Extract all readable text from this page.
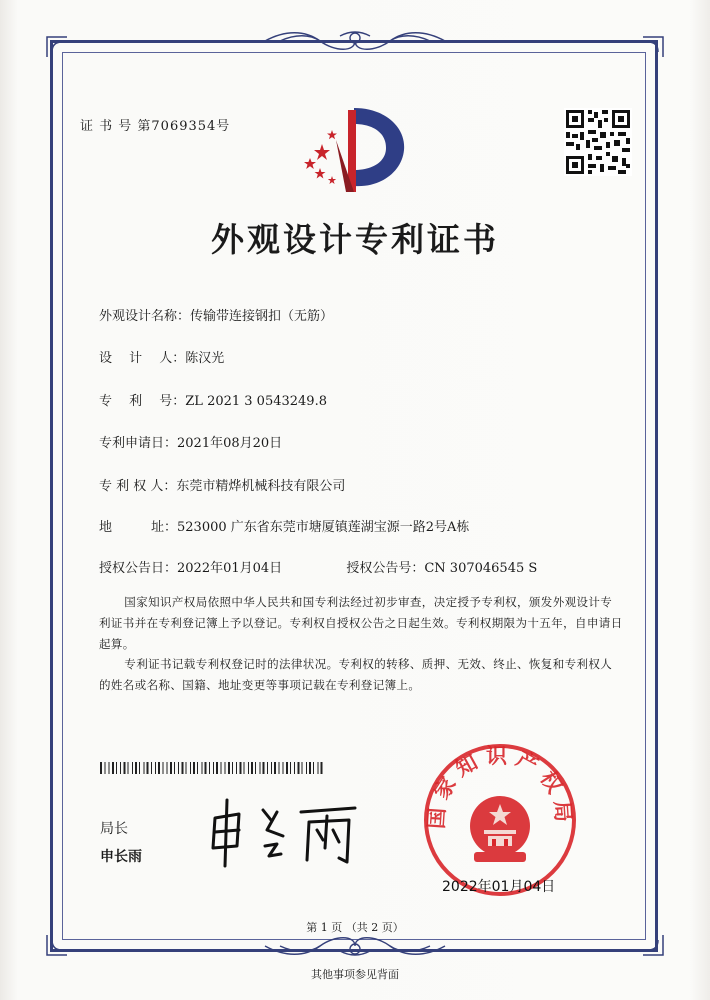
证 书 号 第7069354号
外观设计专利证书
外观设计名称：传输带连接钢扣（无筋）
设　 计　 人：陈汉光
专　 利　 号：ZL 2021 3 0543249.8
专利申请日：2021年08月20日
专 利 权 人：东莞市精烨机械科技有限公司
地　　　址：523000 广东省东莞市塘厦镇莲湖宝源一路2号A栋
授权公告日：2022年01月04日	授权公告号：CN 307046545 S
国家知识产权局依照中华人民共和国专利法经过初步审查，决定授予专利权，颁发外观设计专利证书并在专利登记簿上予以登记。专利权自授权公告之日起生效。专利权期限为十五年，自申请日起算。
专利证书记载专利权登记时的法律状况。专利权的转移、质押、无效、终止、恢复和专利权人的姓名或名称、国籍、地址变更等事项记载在专利登记簿上。
局长
申长雨
国家知识产权局
2022年01月04日
第 1 页 （共 2 页）
其他事项参见背面
